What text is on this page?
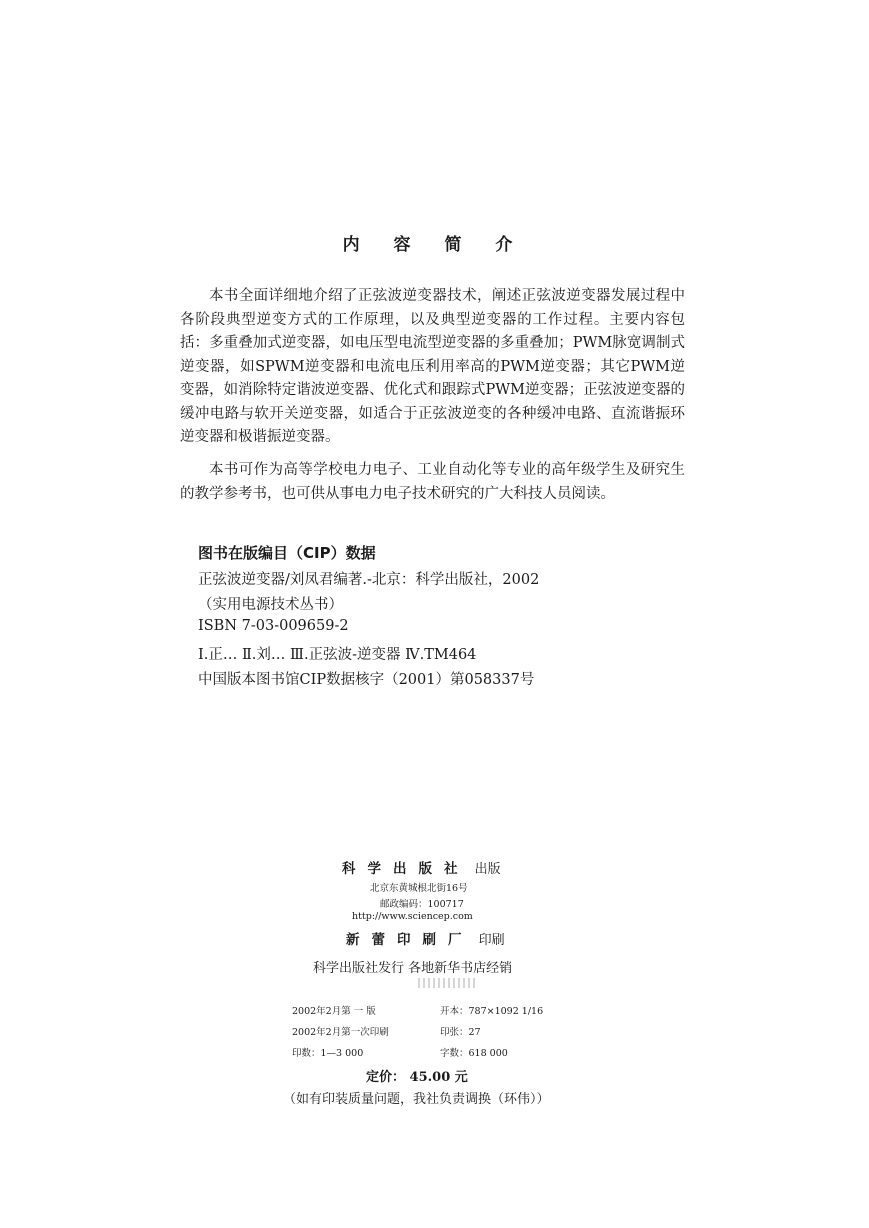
内 容 简 介
本书全面详细地介绍了正弦波逆变器技术，阐述正弦波逆变器发展过程中各阶段典型逆变方式的工作原理，以及典型逆变器的工作过程。主要内容包括：多重叠加式逆变器，如电压型电流型逆变器的多重叠加；PWM脉宽调制式逆变器，如SPWM逆变器和电流电压利用率高的PWM逆变器；其它PWM逆变器，如消除特定谐波逆变器、优化式和跟踪式PWM逆变器；正弦波逆变器的缓冲电路与软开关逆变器，如适合于正弦波逆变的各种缓冲电路、直流谐振环逆变器和极谐振逆变器。
本书可作为高等学校电力电子、工业自动化等专业的高年级学生及研究生的教学参考书，也可供从事电力电子技术研究的广大科技人员阅读。
图书在版编目（CIP）数据
正弦波逆变器/刘凤君编著.-北京：科学出版社，2002
（实用电源技术丛书）
ISBN 7-03-009659-2
Ⅰ.正… Ⅱ.刘… Ⅲ.正弦波-逆变器 Ⅳ.TM464
中国版本图书馆CIP数据核字（2001）第058337号
科学出版社 出版
北京东黄城根北街16号
邮政编码：100717
http://www.sciencep.com
新蕾印刷厂 印刷
科学出版社发行 各地新华书店经销
2002年2月第 一 版	开本：787×1092 1/16
2002年2月第一次印刷	印张：27
印数：1—3 000	字数：618 000
定价： 45.00 元
（如有印装质量问题，我社负责调换（环伟））
